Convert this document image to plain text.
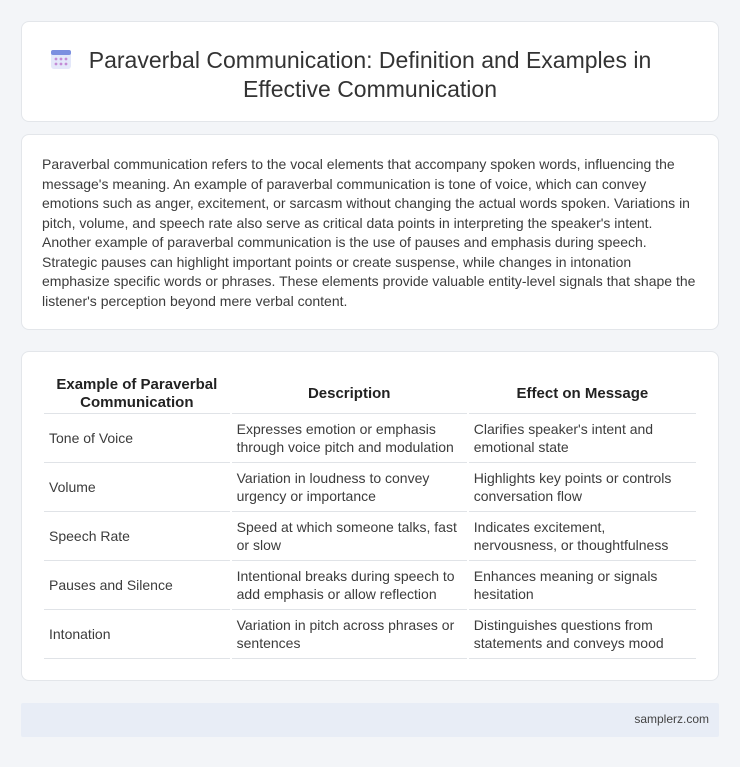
Paraverbal Communication: Definition and Examples in Effective Communication

Paraverbal communication refers to the vocal elements that accompany spoken words, influencing the message's meaning. An example of paraverbal communication is tone of voice, which can convey emotions such as anger, excitement, or sarcasm without changing the actual words spoken. Variations in pitch, volume, and speech rate also serve as critical data points in interpreting the speaker's intent. Another example of paraverbal communication is the use of pauses and emphasis during speech. Strategic pauses can highlight important points or create suspense, while changes in intonation emphasize specific words or phrases. These elements provide valuable entity-level signals that shape the listener's perception beyond mere verbal content.

Example of Paraverbal Communication	Description	Effect on Message
Tone of Voice	Expresses emotion or emphasis through voice pitch and modulation	Clarifies speaker's intent and emotional state
Volume	Variation in loudness to convey urgency or importance	Highlights key points or controls conversation flow
Speech Rate	Speed at which someone talks, fast or slow	Indicates excitement, nervousness, or thoughtfulness
Pauses and Silence	Intentional breaks during speech to add emphasis or allow reflection	Enhances meaning or signals hesitation
Intonation	Variation in pitch across phrases or sentences	Distinguishes questions from statements and conveys mood
samplerz.com
